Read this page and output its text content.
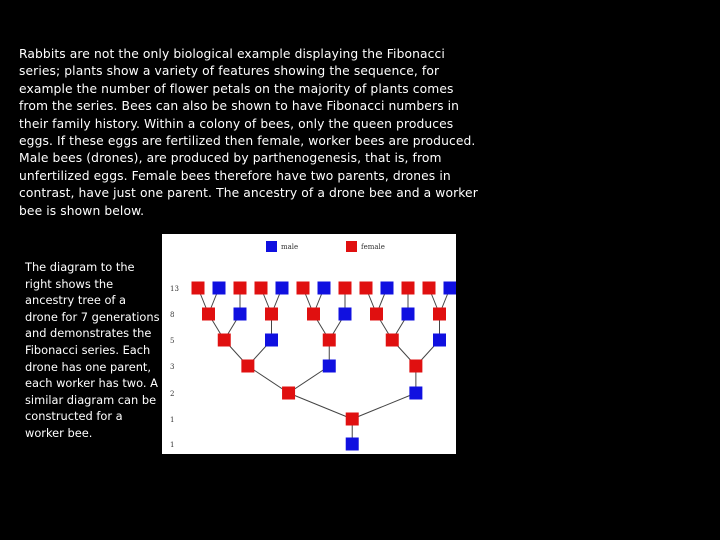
Rabbits are not the only biological example displaying the Fibonacci series; plants show a variety of features showing the sequence, for example the number of flower petals on the majority of plants comes from the series. Bees can also be shown to have Fibonacci numbers in their family history. Within a colony of bees, only the queen produces eggs. If these eggs are fertilized then female, worker bees are produced. Male bees (drones), are produced by parthenogenesis, that is, from unfertilized eggs. Female bees therefore have two parents, drones in contrast, have just one parent. The ancestry of a drone bee and a worker bee is shown below.
The diagram to the right shows the ancestry tree of a drone for 7 generations and demonstrates the Fibonacci series. Each drone has one parent, each worker has two. A similar diagram can be constructed for a worker bee.
male	female
13
8
5
3
2
1
1
